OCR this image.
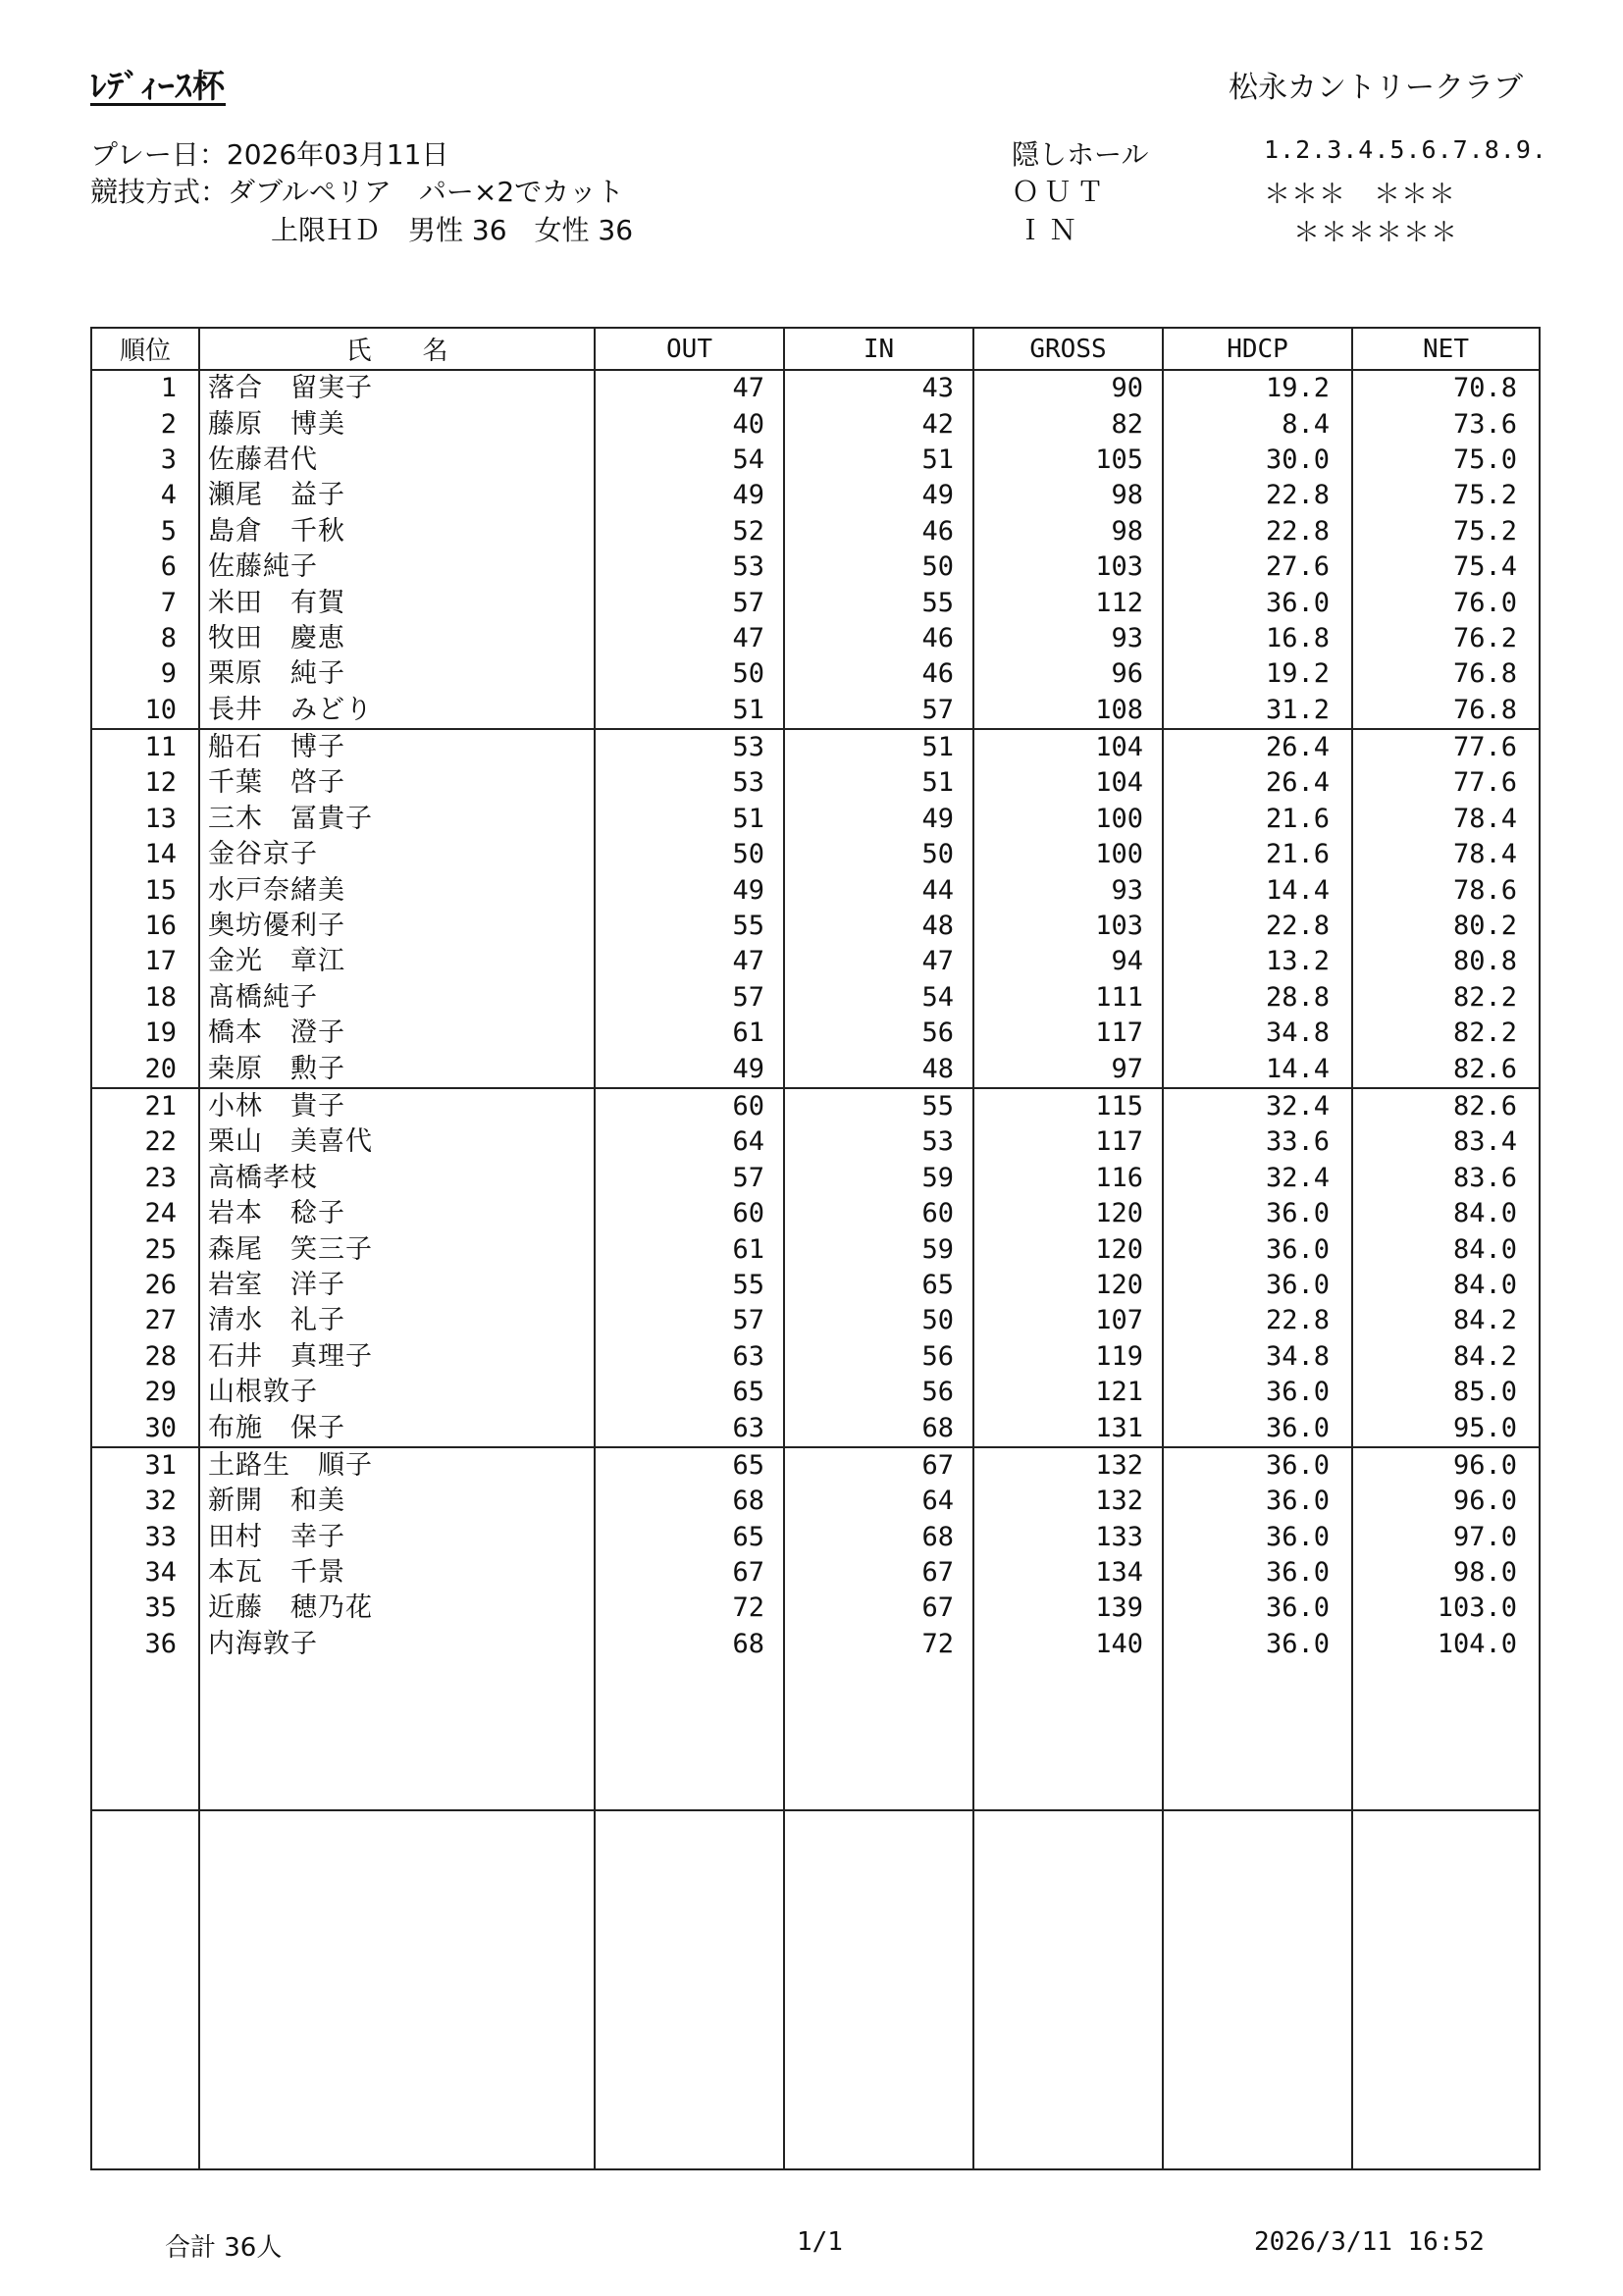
ﾚﾃﾞｨｰｽ杯	松永カントリークラブ
プレー日：2026年03月11日
競技方式：ダブルペリア　パー×2でカット
上限ＨＤ　男性 36　女性 36
隠しホール	1.2.3.4.5.6.7.8.9.
ＯＵＴ	＊＊＊　＊＊＊
ＩＮ	＊＊＊＊＊＊
順位	氏　　名	OUT	IN	GROSS	HDCP	NET
1	落合　留実子	47	43	90	19.2	70.8
2	藤原　博美	40	42	82	8.4	73.6
3	佐藤君代	54	51	105	30.0	75.0
4	瀬尾　益子	49	49	98	22.8	75.2
5	島倉　千秋	52	46	98	22.8	75.2
6	佐藤純子	53	50	103	27.6	75.4
7	米田　有賀	57	55	112	36.0	76.0
8	牧田　慶恵	47	46	93	16.8	76.2
9	栗原　純子	50	46	96	19.2	76.8
10	長井　みどり	51	57	108	31.2	76.8
11	船石　博子	53	51	104	26.4	77.6
12	千葉　啓子	53	51	104	26.4	77.6
13	三木　冨貴子	51	49	100	21.6	78.4
14	金谷京子	50	50	100	21.6	78.4
15	水戸奈緒美	49	44	93	14.4	78.6
16	奥坊優利子	55	48	103	22.8	80.2
17	金光　章江	47	47	94	13.2	80.8
18	髙橋純子	57	54	111	28.8	82.2
19	橋本　澄子	61	56	117	34.8	82.2
20	桒原　勲子	49	48	97	14.4	82.6
21	小林　貴子	60	55	115	32.4	82.6
22	栗山　美喜代	64	53	117	33.6	83.4
23	高橋孝枝	57	59	116	32.4	83.6
24	岩本　稔子	60	60	120	36.0	84.0
25	森尾　笑三子	61	59	120	36.0	84.0
26	岩室　洋子	55	65	120	36.0	84.0
27	清水　礼子	57	50	107	22.8	84.2
28	石井　真理子	63	56	119	34.8	84.2
29	山根敦子	65	56	121	36.0	85.0
30	布施　保子	63	68	131	36.0	95.0
31	土路生　順子	65	67	132	36.0	96.0
32	新開　和美	68	64	132	36.0	96.0
33	田村　幸子	65	68	133	36.0	97.0
34	本瓦　千景	67	67	134	36.0	98.0
35	近藤　穂乃花	72	67	139	36.0	103.0
36	内海敦子	68	72	140	36.0	104.0

合計 36人	1/1	2026/3/11 16:52
